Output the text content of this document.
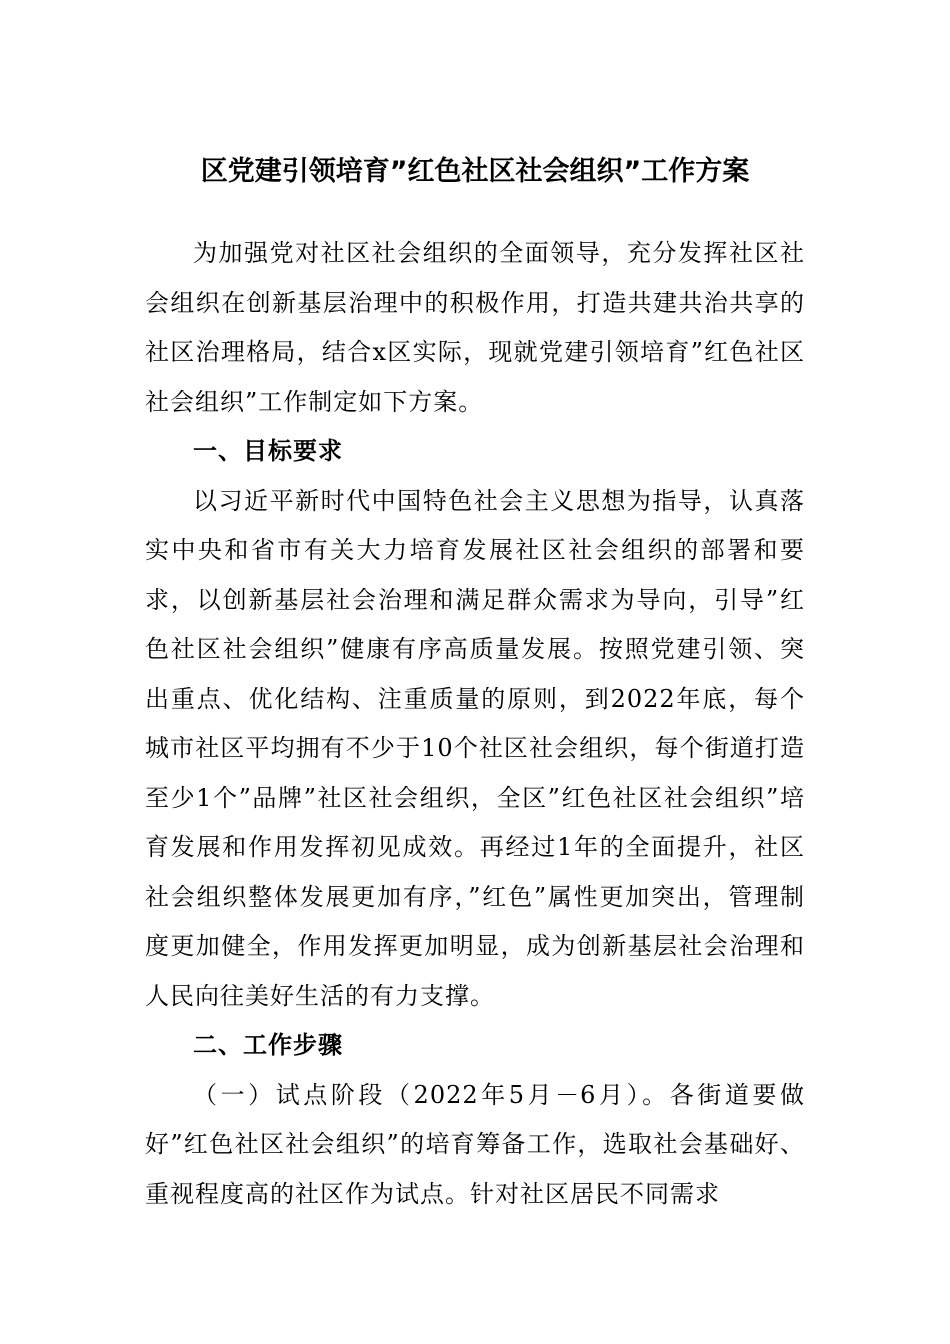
区党建引领培育”红色社区社会组织”工作方案

为加强党对社区社会组织的全面领导，充分发挥社区社会组织在创新基层治理中的积极作用，打造共建共治共享的社区治理格局，结合x区实际，现就党建引领培育”红色社区社会组织”工作制定如下方案。

一、目标要求

以习近平新时代中国特色社会主义思想为指导，认真落实中央和省市有关大力培育发展社区社会组织的部署和要求，以创新基层社会治理和满足群众需求为导向，引导”红色社区社会组织”健康有序高质量发展。按照党建引领、突出重点、优化结构、注重质量的原则，到2022年底，每个城市社区平均拥有不少于10个社区社会组织，每个街道打造至少1个”品牌”社区社会组织，全区”红色社区社会组织”培育发展和作用发挥初见成效。再经过1年的全面提升，社区社会组织整体发展更加有序，”红色”属性更加突出，管理制度更加健全，作用发挥更加明显，成为创新基层社会治理和人民向往美好生活的有力支撑。

二、工作步骤

（一）试点阶段（2022年5月－6月）。各街道要做好”红色社区社会组织”的培育筹备工作，选取社会基础好、重视程度高的社区作为试点。针对社区居民不同需求
